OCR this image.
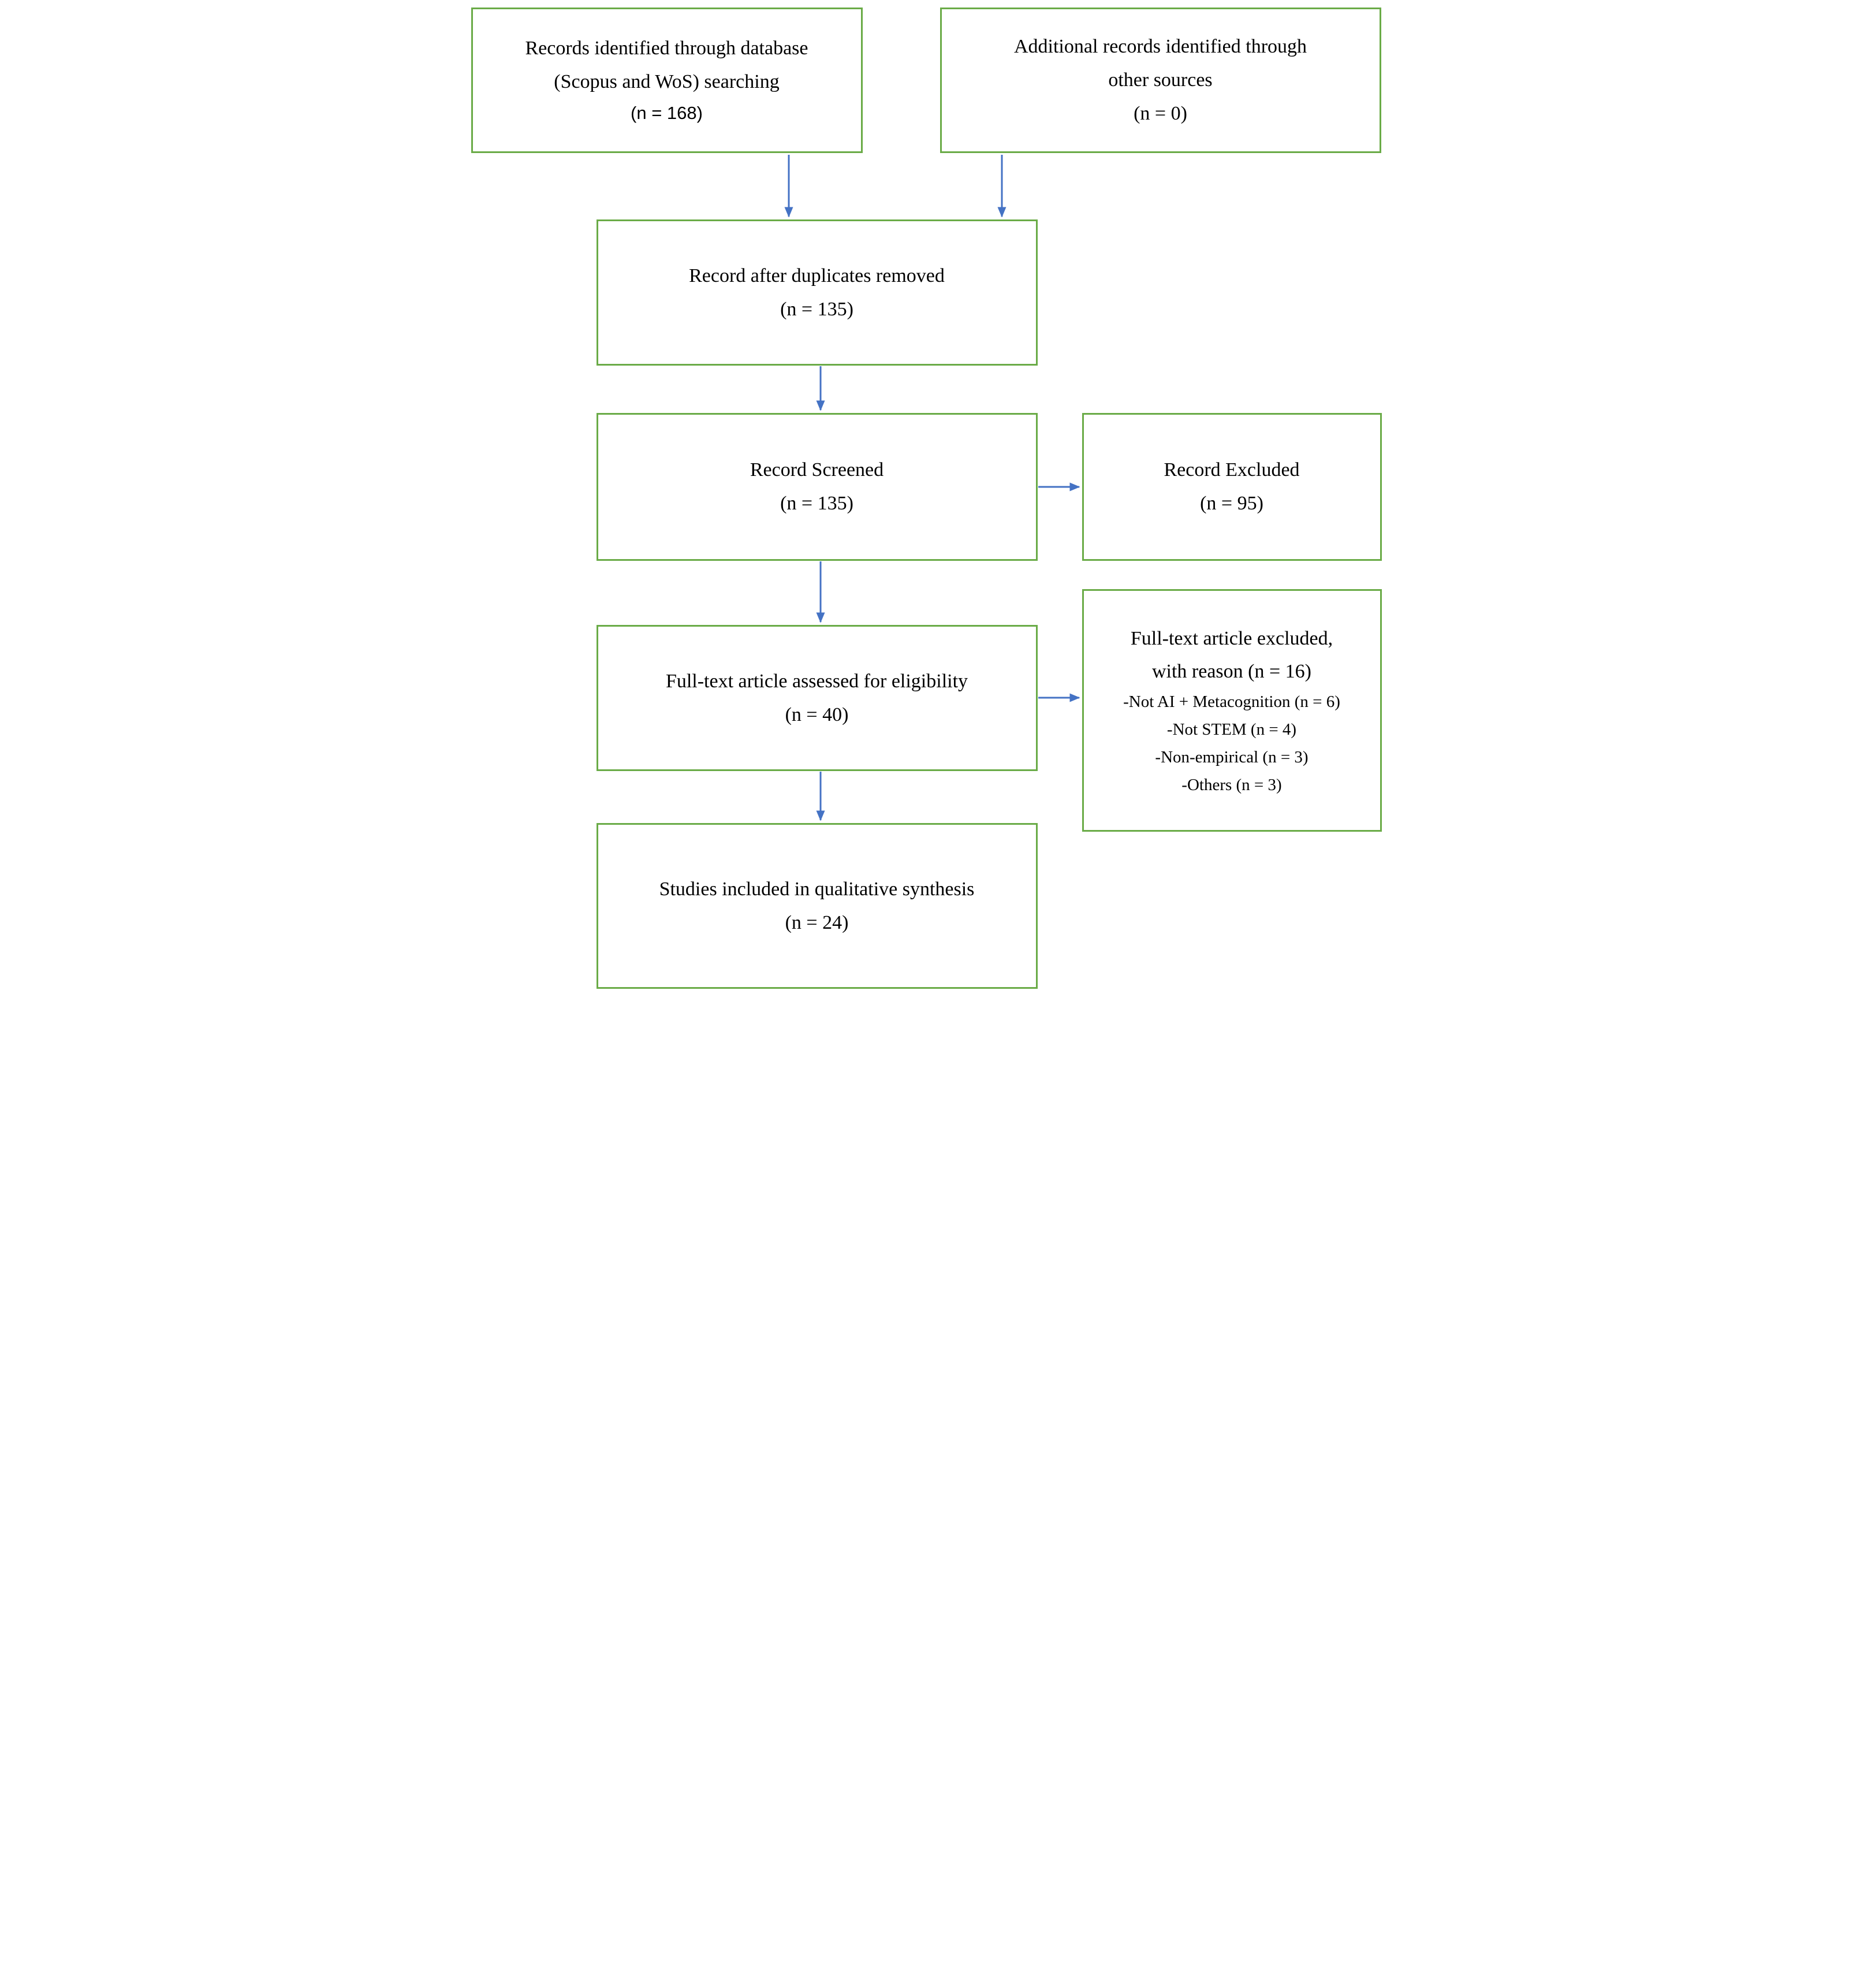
Records identified through database
(Scopus and WoS) searching
(n = 168)
Additional records identified through
other sources
(n = 0)
Record after duplicates removed
(n = 135)
Record Screened
(n = 135)
Record Excluded
(n = 95)
Full-text article assessed for eligibility
(n = 40)
Full-text article excluded,
with reason (n = 16)
-Not AI + Metacognition (n = 6)
-Not STEM (n = 4)
-Non-empirical (n = 3)
-Others (n = 3)
Studies included in qualitative synthesis
(n = 24)
